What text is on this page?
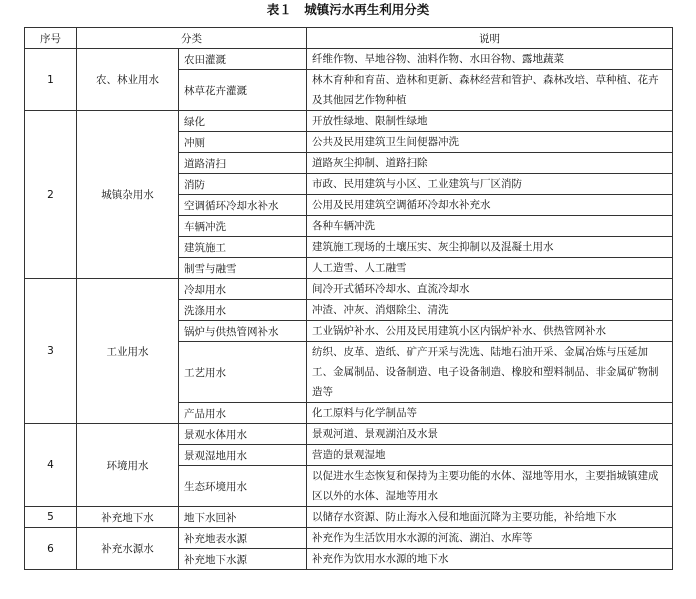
表１　城镇污水再生利用分类
序号	分类		说明
1	农、林业用水	农田灌溉	纤维作物、旱地谷物、油料作物、水田谷物、露地蔬菜
		林草花卉灌溉	林木育种和育苗、造林和更新、森林经营和管护、森林改培、草种植、花卉及其他园艺作物种植
2	城镇杂用水	绿化	开放性绿地、限制性绿地
		冲厕	公共及民用建筑卫生间便器冲洗
		道路清扫	道路灰尘抑制、道路扫除
		消防	市政、民用建筑与小区、工业建筑与厂区消防
		空调循环冷却水补水	公用及民用建筑空调循环冷却水补充水
		车辆冲洗	各种车辆冲洗
		建筑施工	建筑施工现场的土壤压实、灰尘抑制以及混凝土用水
		制雪与融雪	人工造雪、人工融雪
3	工业用水	冷却用水	间冷开式循环冷却水、直流冷却水
		洗涤用水	冲渣、冲灰、消烟除尘、清洗
		锅炉与供热管网补水	工业锅炉补水、公用及民用建筑小区内锅炉补水、供热管网补水
		工艺用水	纺织、皮革、造纸、矿产开采与洗选、陆地石油开采、金属冶炼与压延加工、金属制品、设备制造、电子设备制造、橡胶和塑料制品、非金属矿物制造等
		产品用水	化工原料与化学制品等
4	环境用水	景观水体用水	景观河道、景观湖泊及水景
		景观湿地用水	营造的景观湿地
		生态环境用水	以促进水生态恢复和保持为主要功能的水体、湿地等用水，主要指城镇建成区以外的水体、湿地等用水
5	补充地下水	地下水回补	以储存水资源、防止海水入侵和地面沉降为主要功能，补给地下水
6	补充水源水	补充地表水源	补充作为生活饮用水水源的河流、湖泊、水库等
		补充地下水源	补充作为饮用水水源的地下水
